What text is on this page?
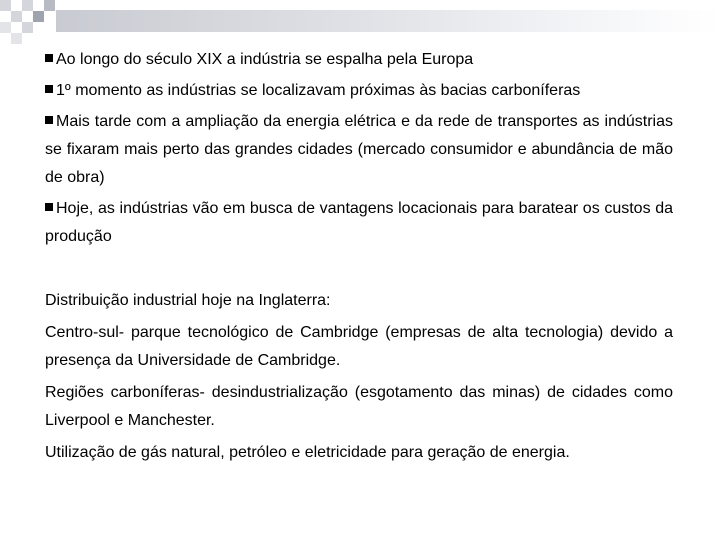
Ao longo do século XIX a indústria se espalha pela Europa

1º momento as indústrias se localizavam próximas às bacias carboníferas

Mais tarde com a ampliação da energia elétrica e da rede de transportes as indústrias se fixaram mais perto das grandes cidades (mercado consumidor e abundância de mão de obra)

Hoje, as indústrias vão em busca de vantagens locacionais para baratear os custos da produção

Distribuição industrial hoje na Inglaterra:

Centro-sul- parque tecnológico de Cambridge (empresas de alta tecnologia) devido a presença da Universidade de Cambridge.

Regiões carboníferas- desindustrialização (esgotamento das minas) de cidades como Liverpool e Manchester.

Utilização de gás natural, petróleo e eletricidade para geração de energia.
